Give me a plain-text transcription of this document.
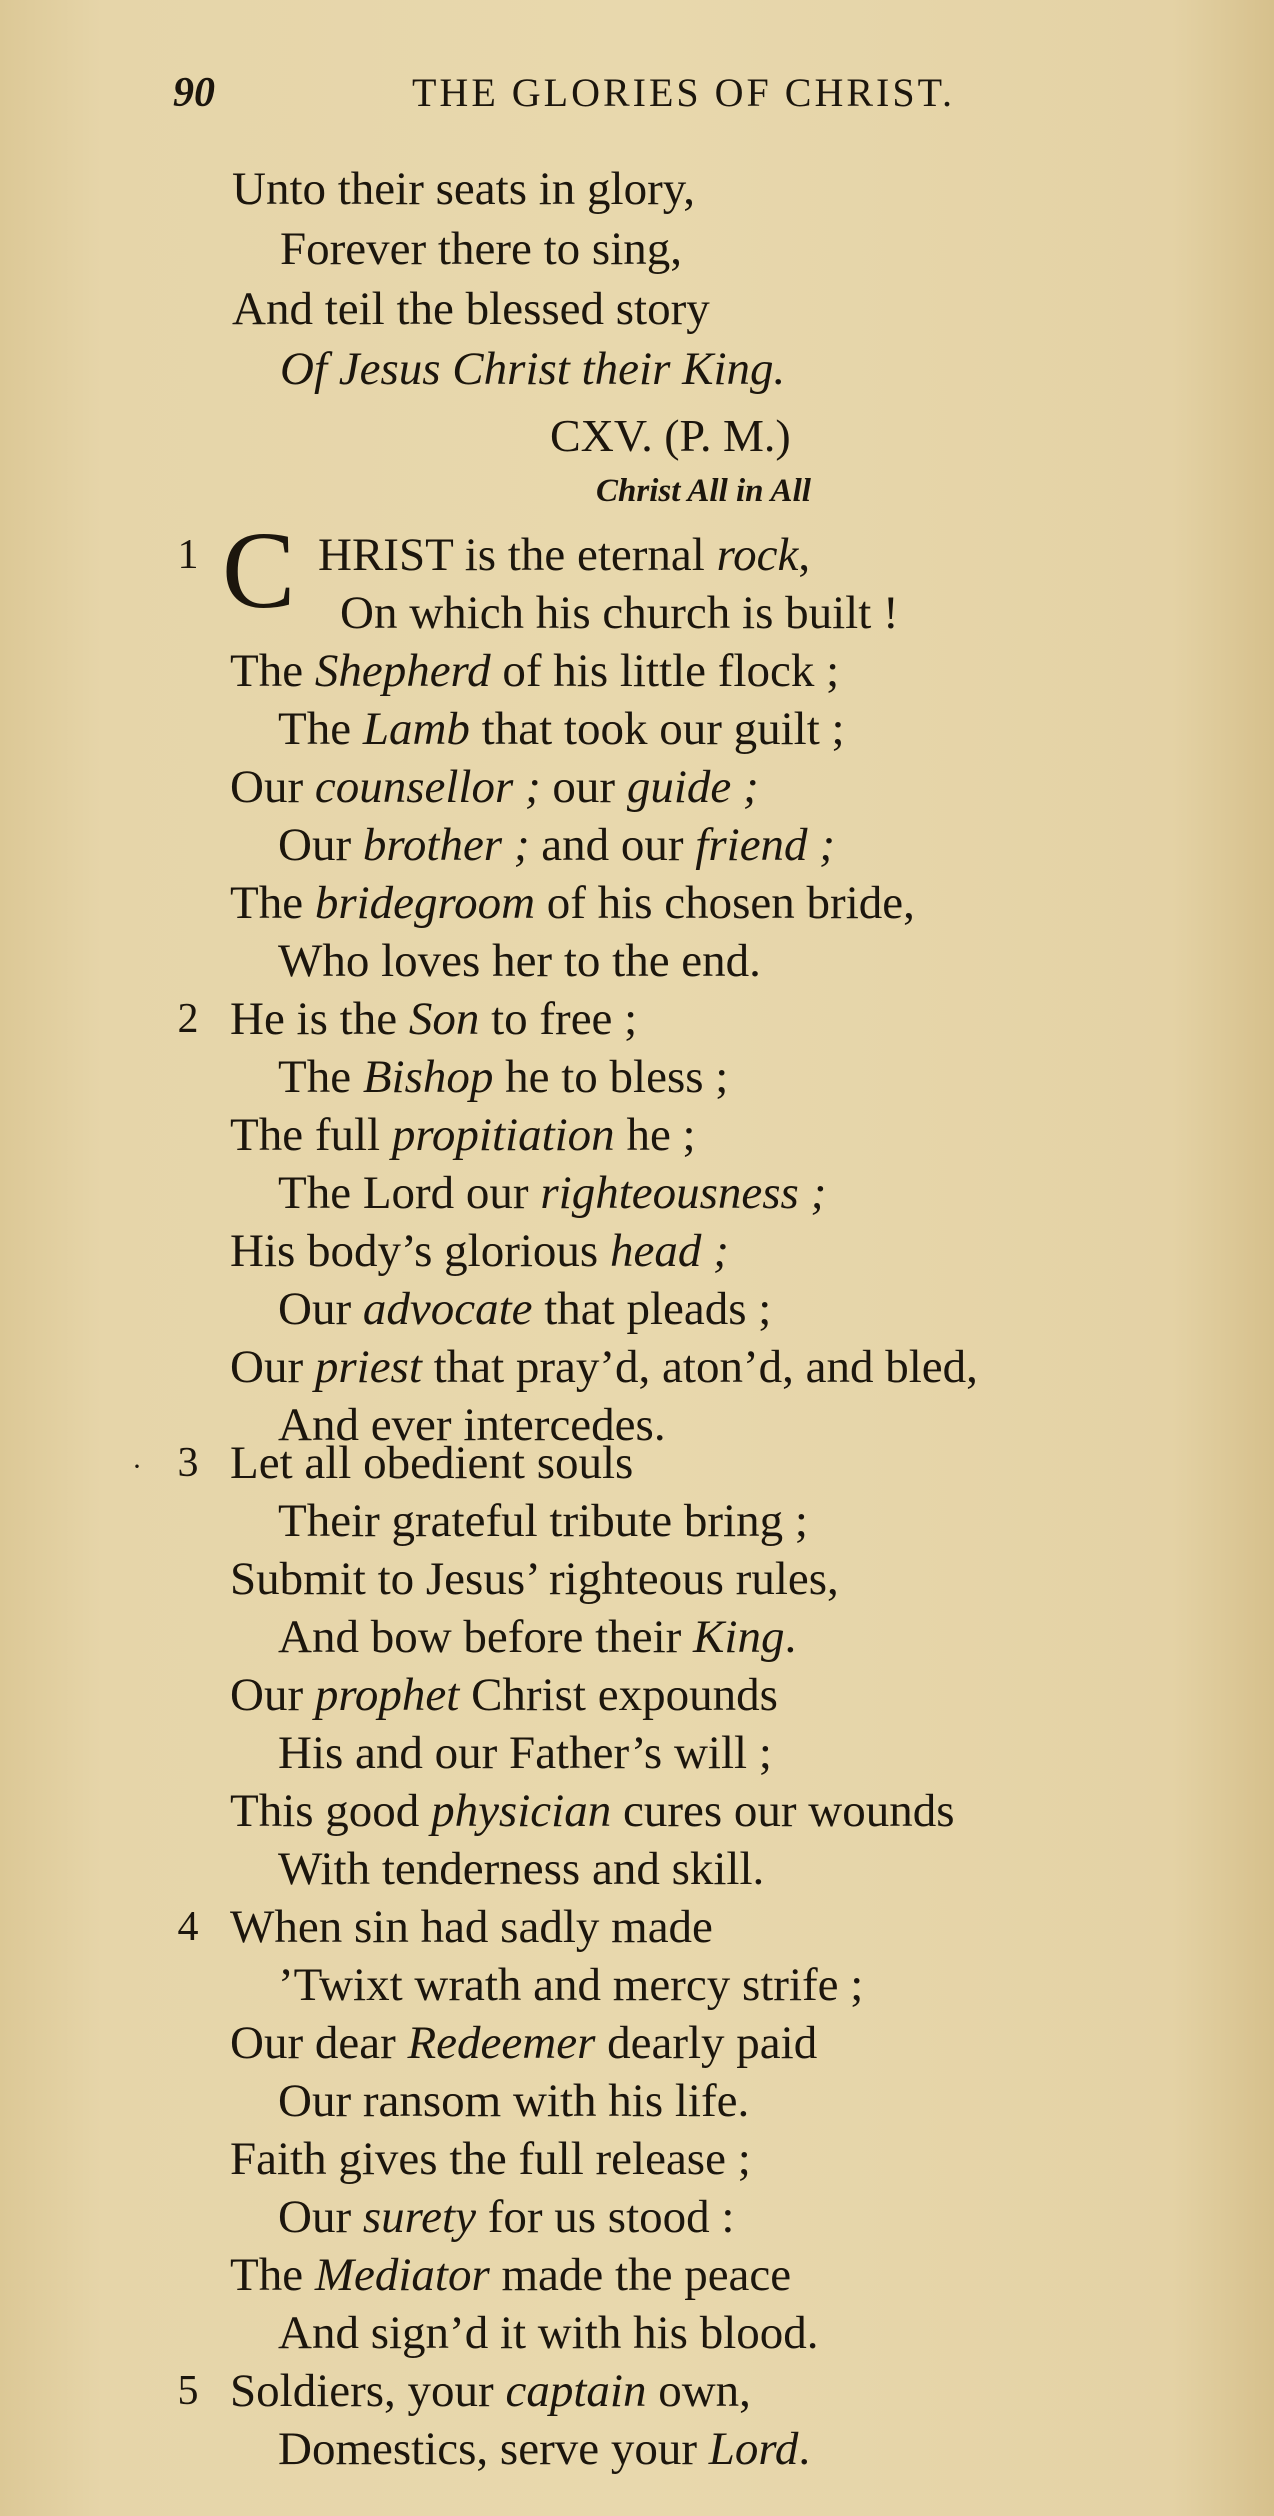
90	THE GLORIES OF CHRIST.
Unto their seats in glory,
Forever there to sing,
And teil the blessed story
Of Jesus Christ their King.
CXV. (P. M.)
Christ All in All
1 C HRIST is the eternal rock,
On which his church is built !
The Shepherd of his little flock ;
The Lamb that took our guilt ;
Our counsellor ; our guide ;
Our brother ; and our friend ;
The bridegroom of his chosen bride,
Who loves her to the end.
2 He is the Son to free ;
The Bishop he to bless ;
The full propitiation he ;
The Lord our righteousness ;
His body’s glorious head ;
Our advocate that pleads ;
Our priest that pray’d, aton’d, and bled,
And ever intercedes.
· 3 Let all obedient souls
Their grateful tribute bring ;
Submit to Jesus’ righteous rules,
And bow before their King.
Our prophet Christ expounds
His and our Father’s will ;
This good physician cures our wounds
With tenderness and skill.
4 When sin had sadly made
’Twixt wrath and mercy strife ;
Our dear Redeemer dearly paid
Our ransom with his life.
Faith gives the full release ;
Our surety for us stood :
The Mediator made the peace
And sign’d it with his blood.
5 Soldiers, your captain own,
Domestics, serve your Lord.
